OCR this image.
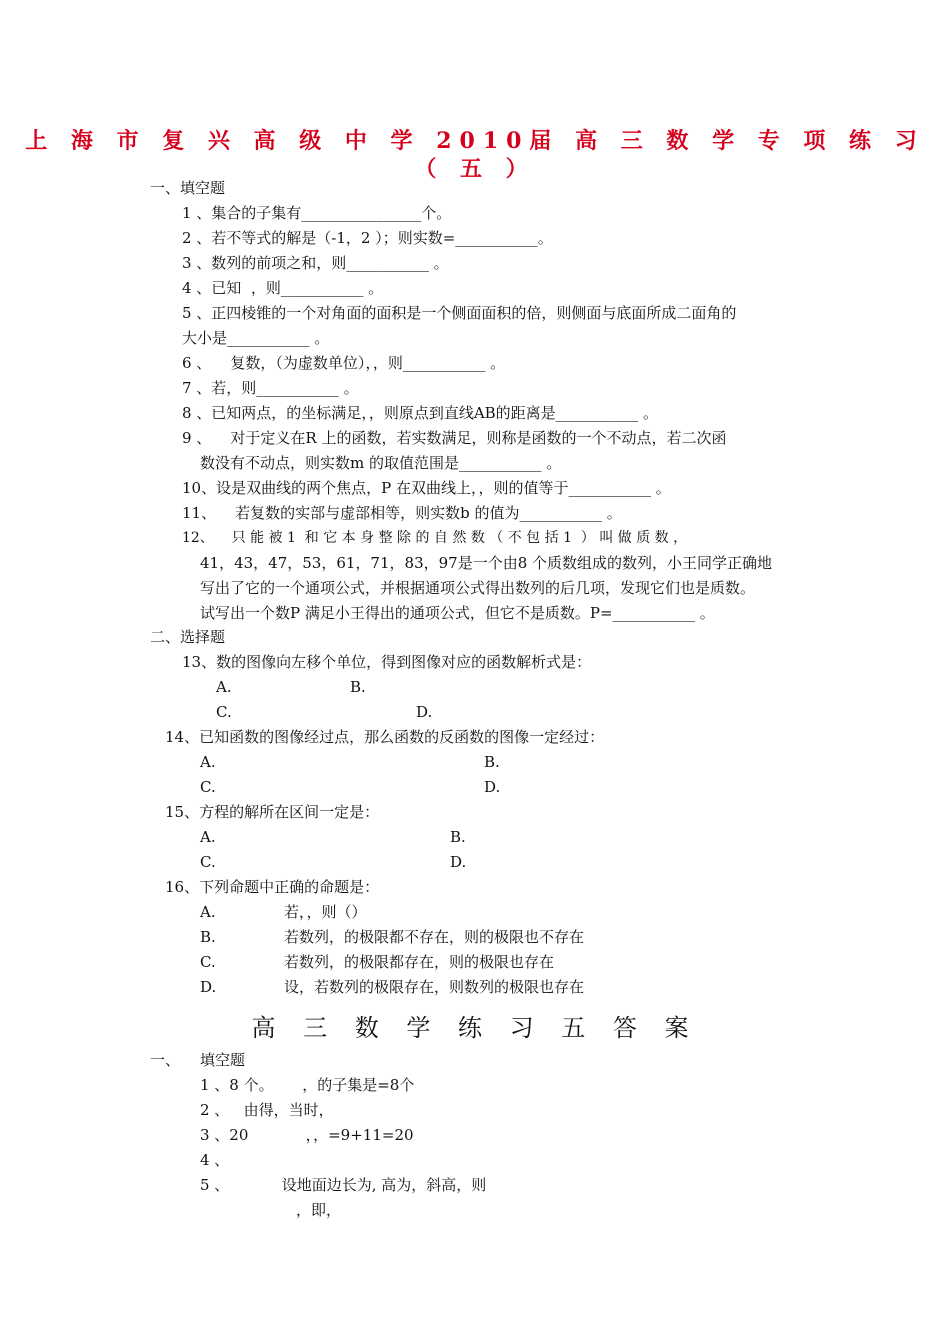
上 海 市 复 兴 高 级 中 学 2010届 高 三 数 学 专 项 练 习
（ 五 ）
一、填空题
1 、集合的子集有________________个。
2 、若不等式的解是（-1，2 ）；则实数=___________。
3 、数列的前项之和，则___________ 。
4 、已知  ，则___________ 。
5 、正四棱锥的一个对角面的面积是一个侧面面积的倍，则侧面与底面所成二面角的
大小是___________ 。
6 、    复数，（为虚数单位），，则___________ 。
7 、若，则___________ 。
8 、已知两点，的坐标满足，，则原点到直线AB的距离是___________ 。
9 、    对于定义在R 上的函数，若实数满足，则称是函数的一个不动点，若二次函
数没有不动点，则实数m 的取值范围是___________ 。
10、设是双曲线的两个焦点，P 在双曲线上，，则的值等于___________ 。
11、    若复数的实部与虚部相等，则实数b 的值为___________ 。
12、    只 能 被 1  和 它 本 身 整 除 的 自 然 数 （ 不 包 括 1  ） 叫 做 质 数 ，
41，43，47，53，61，71，83，97是一个由8 个质数组成的数列，小王同学正确地
写出了它的一个通项公式，并根据通项公式得出数列的后几项，发现它们也是质数。
试写出一个数P 满足小王得出的通项公式，但它不是质数。P=___________ 。
二、选择题
13、数的图像向左移个单位，得到图像对应的函数解析式是：
A.	B.
C.	D.
14、已知函数的图像经过点，那么函数的反函数的图像一定经过：
A.	B.
C.	D.
15、方程的解所在区间一定是：
A.	B.
C.	D.
16、下列命题中正确的命题是：
A.	若，，则（）
B.	若数列，的极限都不存在，则的极限也不存在
C.	若数列，的极限都存在，则的极限也存在
D.	设，若数列的极限存在，则数列的极限也存在
高 三 数 学 练 习 五 答 案
一、 填空题
1 、8 个。      ，的子集是=8个
2 、   由得，当时，
3 、20            ，，=9+11=20
4 、
5 、           设地面边长为, 高为，斜高，则
，即，
